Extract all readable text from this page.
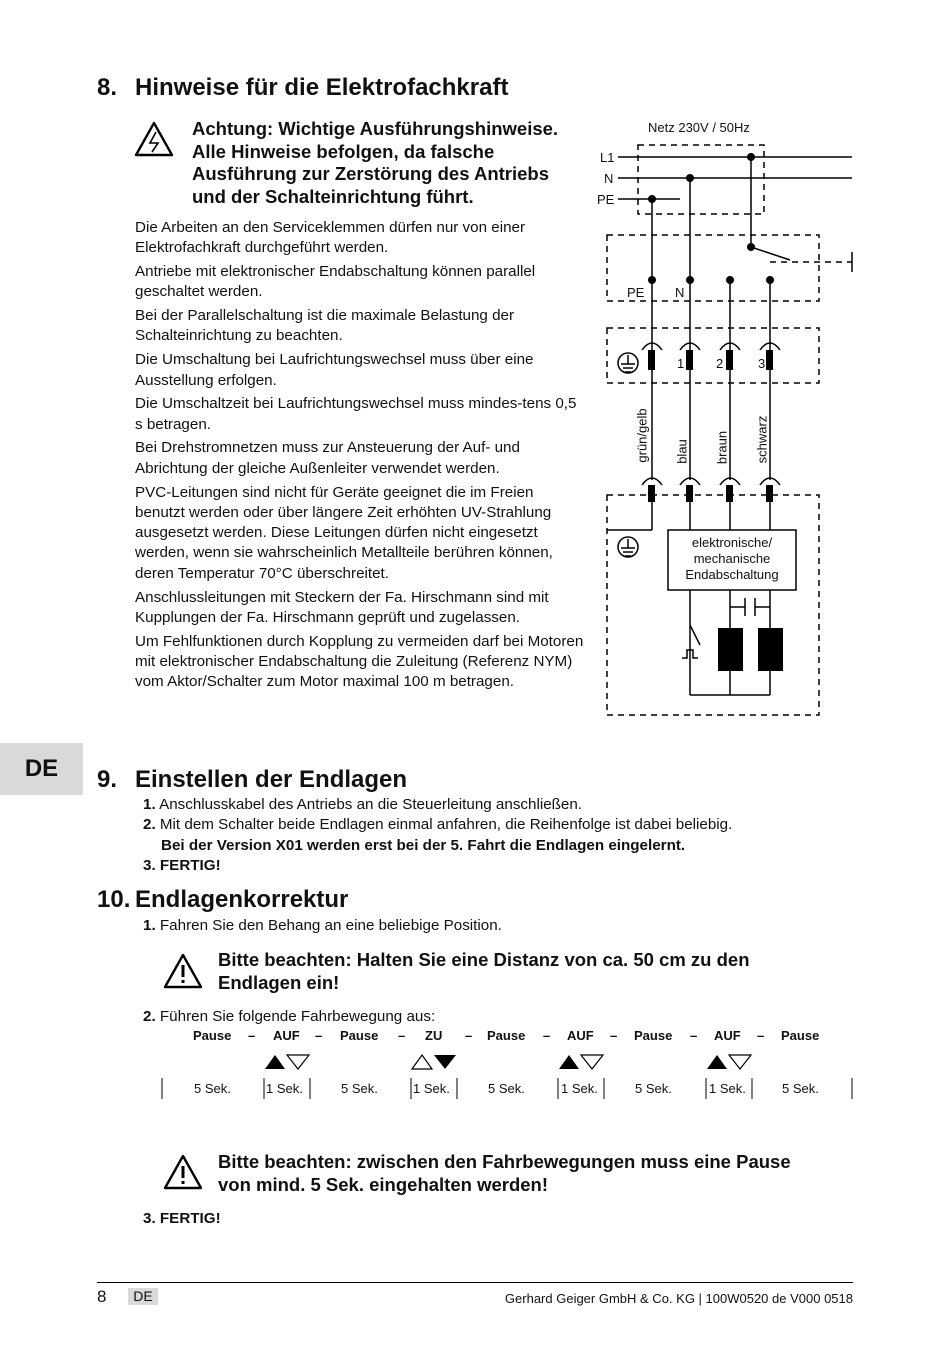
8. Hinweise für die Elektrofachkraft
Achtung: Wichtige Ausführungshinweise.
Alle Hinweise befolgen, da falsche
Ausführung zur Zerstörung des Antriebs
und der Schalteinrichtung führt.

Die Arbeiten an den Serviceklemmen dürfen nur von einer Elektrofachkraft durchgeführt werden.

Antriebe mit elektronischer Endabschaltung können parallel geschaltet werden.

Bei der Parallelschaltung ist die maximale Belastung der Schalteinrichtung zu beachten.

Die Umschaltung bei Laufrichtungswechsel muss über eine Ausstellung erfolgen.

Die Umschaltzeit bei Laufrichtungswechsel muss mindes-tens 0,5 s betragen.

Bei Drehstromnetzen muss zur Ansteuerung der Auf- und Abrichtung der gleiche Außenleiter verwendet werden.

PVC-Leitungen sind nicht für Geräte geeignet die im Freien benutzt werden oder über längere Zeit erhöhten UV-Strahlung ausgesetzt werden. Diese Leitungen dürfen nicht eingesetzt werden, wenn sie wahrscheinlich Metallteile berühren können, deren Temperatur 70°C überschreitet.

Anschlussleitungen mit Steckern der Fa. Hirschmann sind mit Kupplungen der Fa. Hirschmann geprüft und zugelassen.

Um Fehlfunktionen durch Kopplung zu vermeiden darf bei Motoren mit elektronischer Endabschaltung die Zuleitung (Referenz NYM) vom Aktor/Schalter zum Motor maximal 100 m betragen.

Netz 230V / 50Hz
L1
N
PE
PE N
1 2	3
grün/gelb blau braun schwarz
elektronische/
mechanische
Endabschaltung
DE	9. Einstellen der Endlagen
1. Anschlusskabel des Antriebs an die Steuerleitung anschließen.
2. Mit dem Schalter beide Endlagen einmal anfahren, die Reihenfolge ist dabei beliebig.
Bei der Version X01 werden erst bei der 5. Fahrt die Endlagen eingelernt.
3. FERTIG!
10. Endlagenkorrektur
1. Fahren Sie den Behang an eine beliebige Position.
Bitte beachten: Halten Sie eine Distanz von ca. 50 cm zu den
Endlagen ein!
2. Führen Sie folgende Fahrbewegung aus:
Pause – AUF – Pause – ZU – Pause – AUF – Pause – AUF – Pause
5 Sek.	1 Sek.	5 Sek.	1 Sek.	5 Sek.	1 Sek.	5 Sek.	1 Sek.	5 Sek.
Bitte beachten: zwischen den Fahrbewegungen muss eine Pause
von mind. 5 Sek. eingehalten werden!
3. FERTIG!
8	DE	Gerhard Geiger GmbH & Co. KG | 100W0520 de V000 0518
